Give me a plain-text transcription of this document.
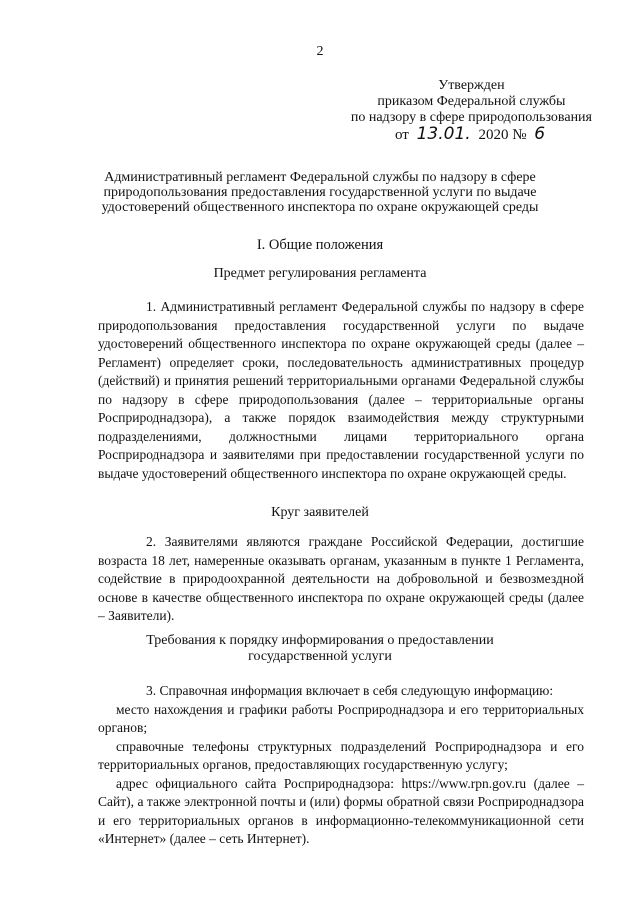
2
Утвержден
приказом Федеральной службы
по надзору в сфере природопользования
от 13.01. 2020 № 6
Административный регламент Федеральной службы по надзору в сфере природопользования предоставления государственной услуги по выдаче удостоверений общественного инспектора по охране окружающей среды
I. Общие положения
Предмет регулирования регламента

1. Административный регламент Федеральной службы по надзору в сфере природопользования предоставления государственной услуги по выдаче удостоверений общественного инспектора по охране окружающей среды (далее – Регламент) определяет сроки, последовательность административных процедур (действий) и принятия решений территориальными органами Федеральной службы по надзору в сфере природопользования (далее – территориальные органы Росприроднадзора), а также порядок взаимодействия между структурными подразделениями, должностными лицами территориального органа Росприроднадзора и заявителями при предоставлении государственной услуги по выдаче удостоверений общественного инспектора по охране окружающей среды.

Круг заявителей

2. Заявителями являются граждане Российской Федерации, достигшие возраста 18 лет, намеренные оказывать органам, указанным в пункте 1 Регламента, содействие в природоохранной деятельности на добровольной и безвозмездной основе в качестве общественного инспектора по охране окружающей среды (далее – Заявители).

Требования к порядку информирования о предоставлении
государственной услуги

3. Справочная информация включает в себя следующую информацию:

место нахождения и графики работы Росприроднадзора и его территориальных органов;

справочные телефоны структурных подразделений Росприроднадзора и его территориальных органов, предоставляющих государственную услугу;

адрес официального сайта Росприроднадзора: https://www.rpn.gov.ru (далее – Сайт), а также электронной почты и (или) формы обратной связи Росприроднадзора и его территориальных органов в информационно-телекоммуникационной сети «Интернет» (далее – сеть Интернет).
